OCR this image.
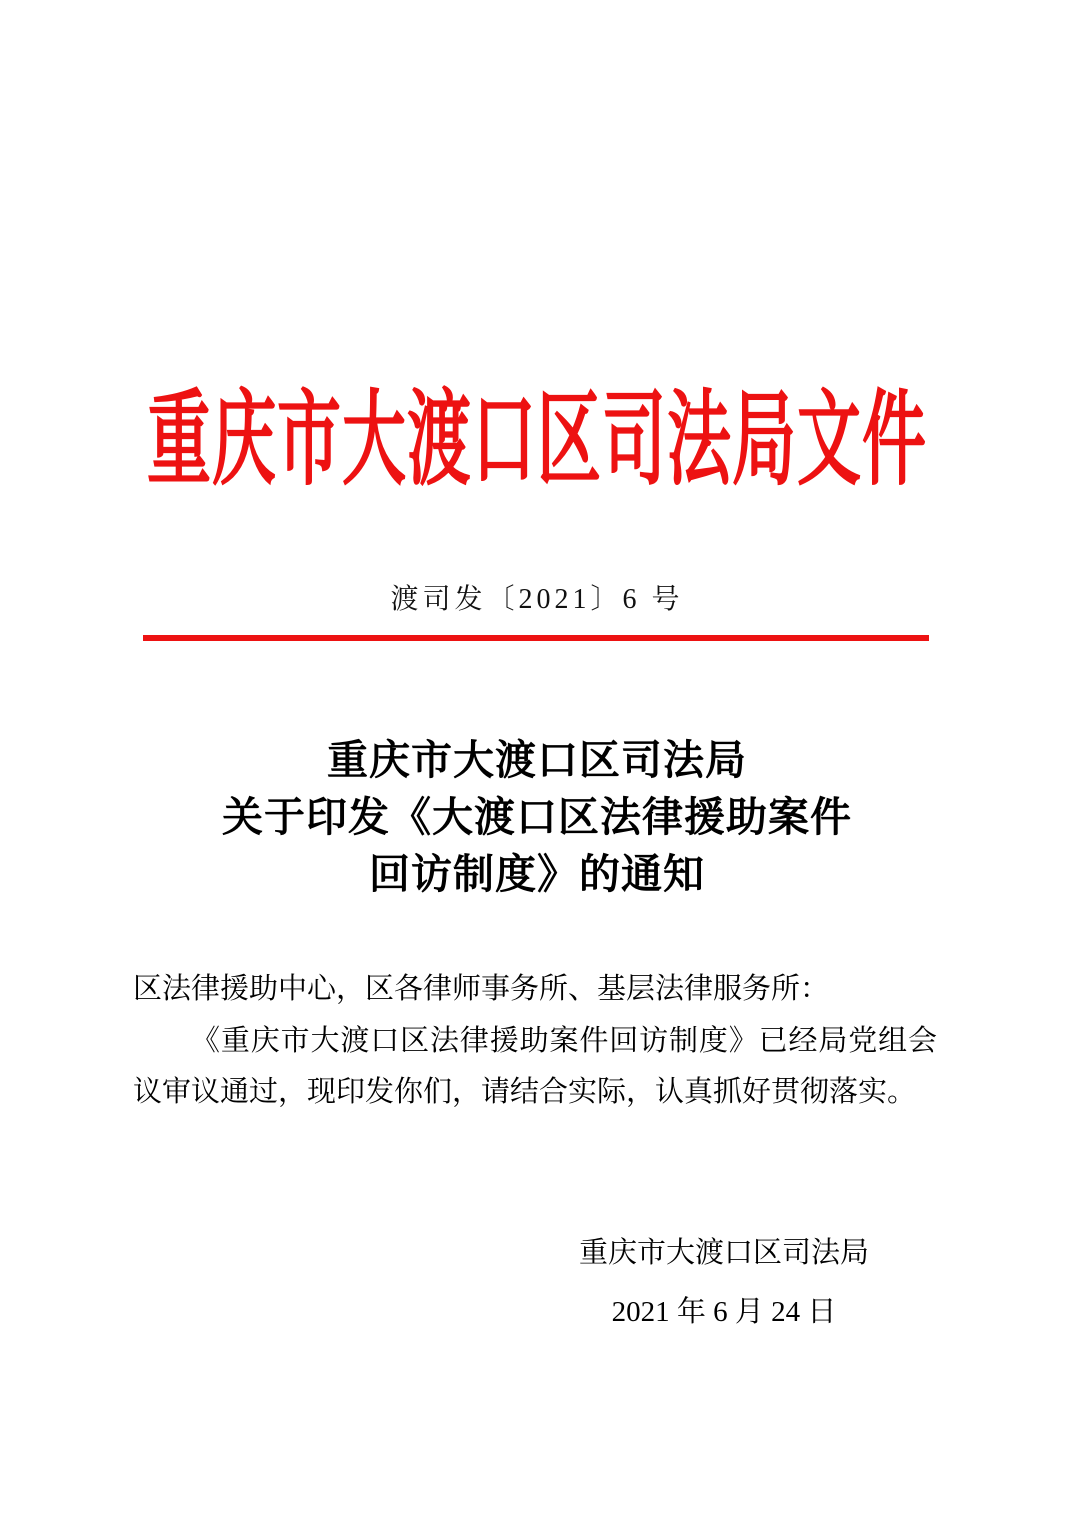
重庆市大渡口区司法局文件
渡司发〔2021〕6 号
重庆市大渡口区司法局
关于印发《大渡口区法律援助案件
回访制度》的通知

区法律援助中心，区各律师事务所、基层法律服务所：

《重庆市大渡口区法律援助案件回访制度》已经局党组会议审议通过，现印发你们，请结合实际，认真抓好贯彻落实。

重庆市大渡口区司法局
2021 年 6 月 24 日
